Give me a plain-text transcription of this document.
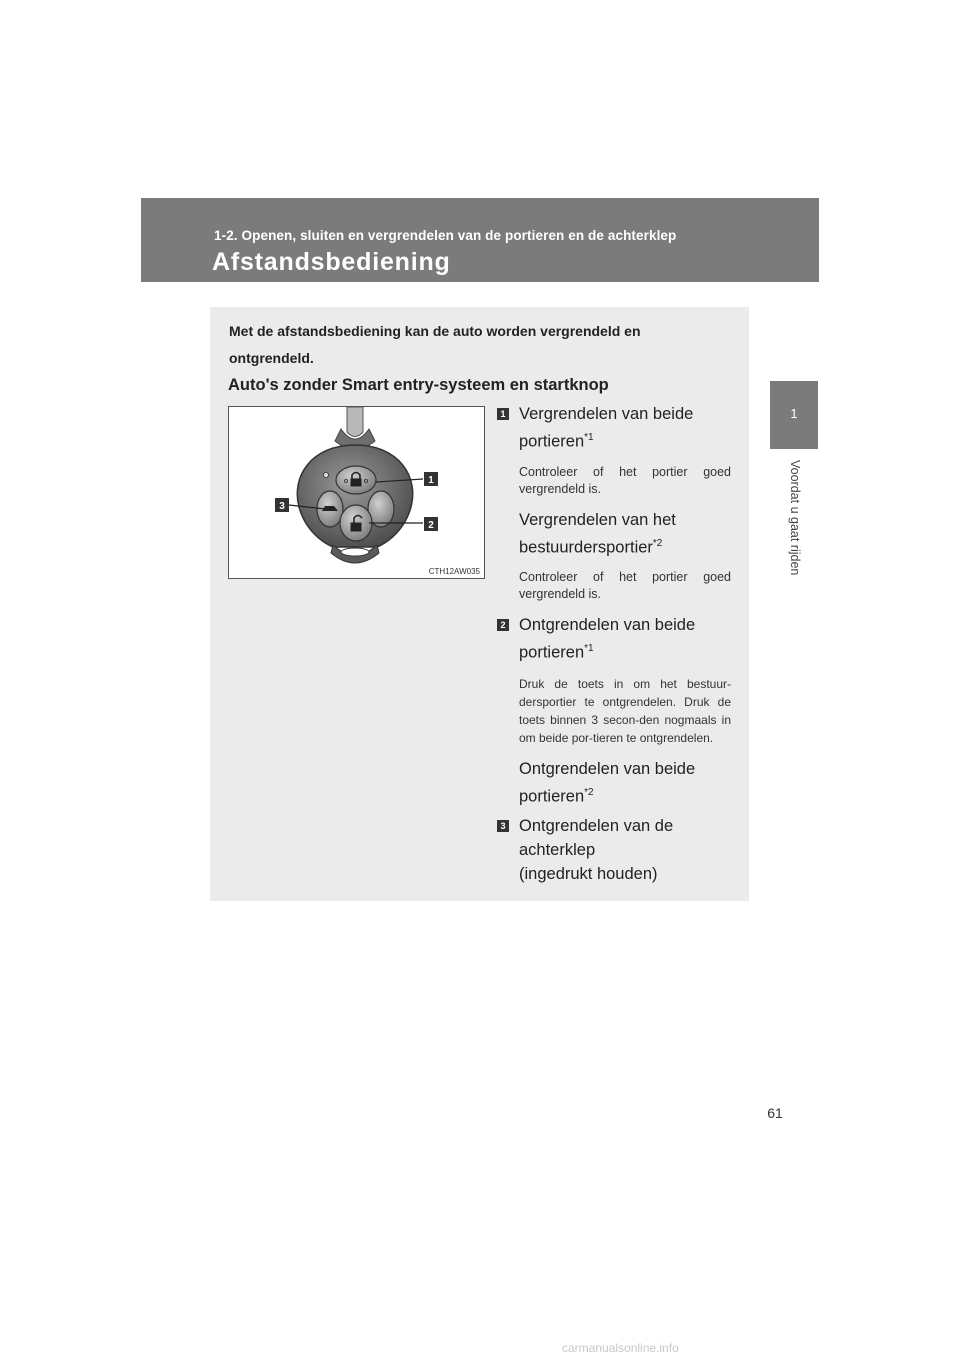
1-2. Openen, sluiten en vergrendelen van de portieren en de achterklep
Afstandsbediening
1
Voordat u gaat rijden
Met de afstandsbediening kan de auto worden vergrendeld en
ontgrendeld.
Auto's zonder Smart entry-systeem en startknop
1
2
3
CTH12AW035
1 Vergrendelen van beide
portieren$^{*1}$
Controleer of het portier goed vergrendeld is.
Vergrendelen van het
bestuurdersportier$^{*2}$
Controleer of het portier goed vergrendeld is.
2 Ontgrendelen van beide
portieren$^{*1}$
Druk de toets in om het bestuur-dersportier te ontgrendelen. Druk de toets binnen 3 secon-den nogmaals in om beide por-tieren te ontgrendelen.
Ontgrendelen van beide
portieren$^{*2}$
3 Ontgrendelen van de
achterklep
(ingedrukt houden)
61
carmanualsonline.info
